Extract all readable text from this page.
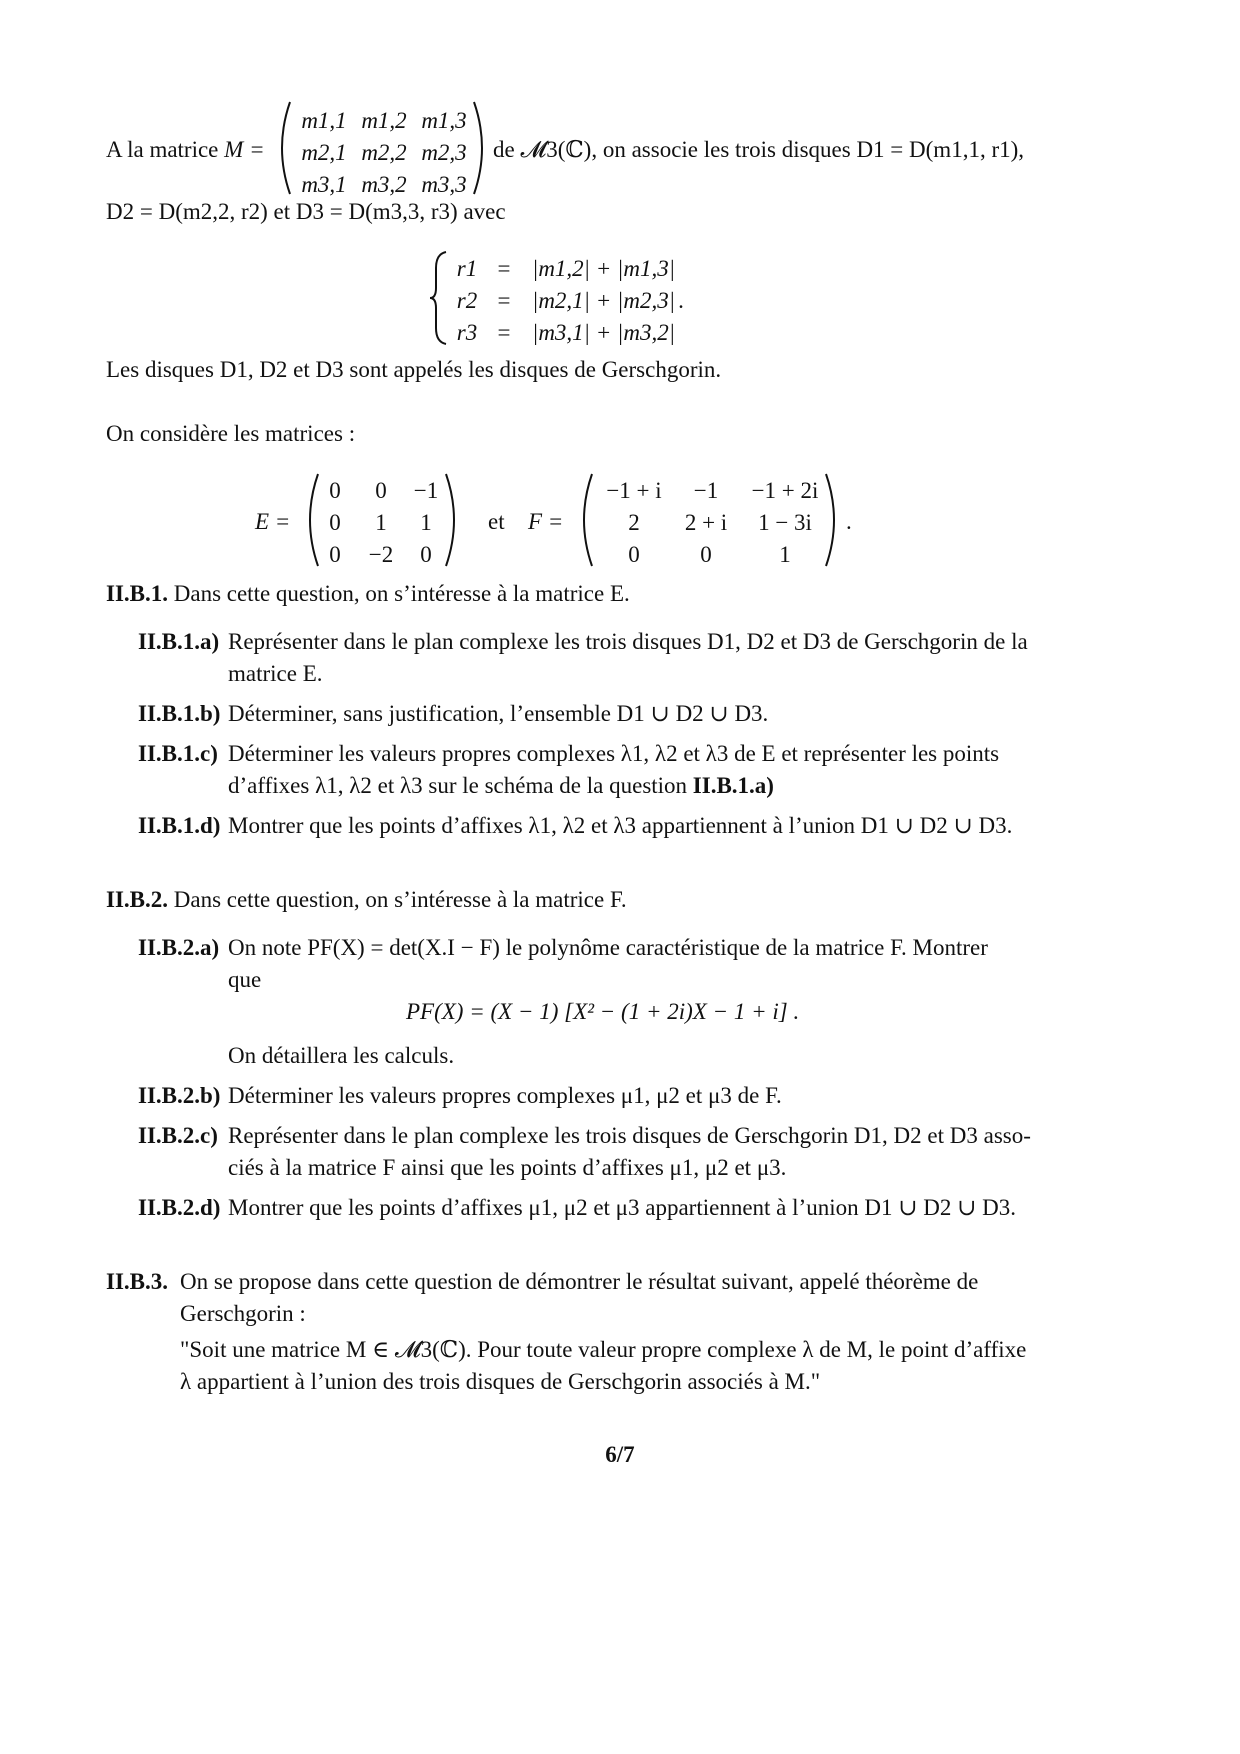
A la matrice M =
m1,1 m1,2 m1,3
m2,1 m2,2 m2,3
m3,1 m3,2 m3,3
de 𝓜3(ℂ), on associe les trois disques D1 = D(m1,1, r1),
D2 = D(m2,2, r2) et D3 = D(m3,3, r3) avec
r1 = |m1,2| + |m1,3|
r2 = |m2,1| + |m2,3| .
r3 = |m3,1| + |m3,2|
Les disques D1, D2 et D3 sont appelés les disques de Gerschgorin.
On considère les matrices :
E =
0	0	−1
0	1	1
0	−2	0
et F =
−1 + i	−1	−1 + 2i
2	2 + i	1 − 3i
0	0	1
.
II.B.1. Dans cette question, on s’intéresse à la matrice E.
II.B.1.a) Représenter dans le plan complexe les trois disques D1, D2 et D3 de Gerschgorin de la
matrice E.
II.B.1.b) Déterminer, sans justification, l’ensemble D1 ∪ D2 ∪ D3.
II.B.1.c) Déterminer les valeurs propres complexes λ1, λ2 et λ3 de E et représenter les points
d’affixes λ1, λ2 et λ3 sur le schéma de la question II.B.1.a)
II.B.1.d) Montrer que les points d’affixes λ1, λ2 et λ3 appartiennent à l’union D1 ∪ D2 ∪ D3.
II.B.2. Dans cette question, on s’intéresse à la matrice F.
II.B.2.a) On note PF(X) = det(X.I − F) le polynôme caractéristique de la matrice F. Montrer
que
PF(X) = (X − 1) [X² − (1 + 2i)X − 1 + i] .
On détaillera les calculs.
II.B.2.b) Déterminer les valeurs propres complexes μ1, μ2 et μ3 de F.
II.B.2.c) Représenter dans le plan complexe les trois disques de Gerschgorin D1, D2 et D3 asso-
ciés à la matrice F ainsi que les points d’affixes μ1, μ2 et μ3.
II.B.2.d) Montrer que les points d’affixes μ1, μ2 et μ3 appartiennent à l’union D1 ∪ D2 ∪ D3.
II.B.3. On se propose dans cette question de démontrer le résultat suivant, appelé théorème de
Gerschgorin :
"Soit une matrice M ∈ 𝓜3(ℂ). Pour toute valeur propre complexe λ de M, le point d’affixe
λ appartient à l’union des trois disques de Gerschgorin associés à M."
6/7
